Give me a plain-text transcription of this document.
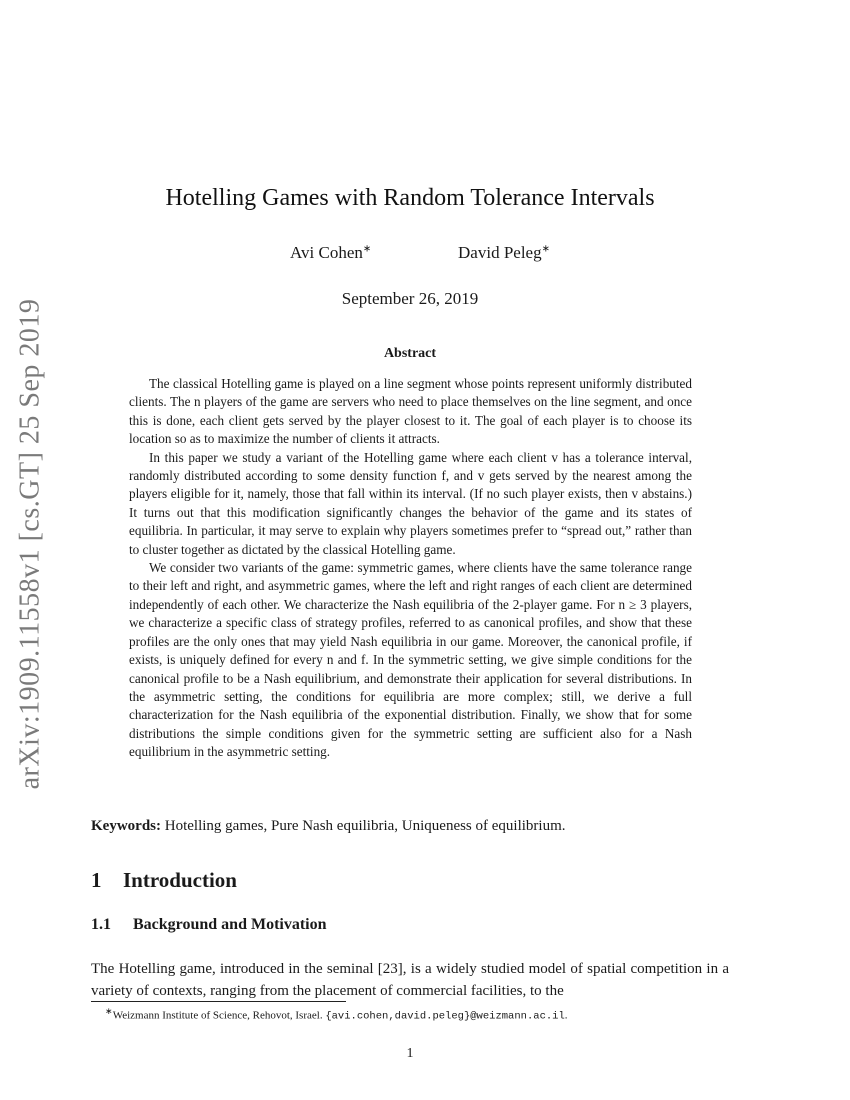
arXiv:1909.11558v1 [cs.GT] 25 Sep 2019
Hotelling Games with Random Tolerance Intervals
Avi Cohen∗	David Peleg∗
September 26, 2019
Abstract

The classical Hotelling game is played on a line segment whose points represent uniformly distributed clients. The n players of the game are servers who need to place themselves on the line segment, and once this is done, each client gets served by the player closest to it. The goal of each player is to choose its location so as to maximize the number of clients it attracts.

In this paper we study a variant of the Hotelling game where each client v has a tolerance interval, randomly distributed according to some density function f, and v gets served by the nearest among the players eligible for it, namely, those that fall within its interval. (If no such player exists, then v abstains.) It turns out that this modification significantly changes the behavior of the game and its states of equilibria. In particular, it may serve to explain why players sometimes prefer to “spread out,” rather than to cluster together as dictated by the classical Hotelling game.

We consider two variants of the game: symmetric games, where clients have the same tolerance range to their left and right, and asymmetric games, where the left and right ranges of each client are determined independently of each other. We characterize the Nash equilibria of the 2-player game. For n ≥ 3 players, we characterize a specific class of strategy profiles, referred to as canonical profiles, and show that these profiles are the only ones that may yield Nash equilibria in our game. Moreover, the canonical profile, if exists, is uniquely defined for every n and f. In the symmetric setting, we give simple conditions for the canonical profile to be a Nash equilibrium, and demonstrate their application for several distributions. In the asymmetric setting, the conditions for equilibria are more complex; still, we derive a full characterization for the Nash equilibria of the exponential distribution. Finally, we show that for some distributions the simple conditions given for the symmetric setting are sufficient also for a Nash equilibrium in the asymmetric setting.

Keywords: Hotelling games, Pure Nash equilibria, Uniqueness of equilibrium.
1 Introduction
1.1 Background and Motivation
The Hotelling game, introduced in the seminal [23], is a widely studied model of spatial competition in a variety of contexts, ranging from the placement of commercial facilities, to the
∗Weizmann Institute of Science, Rehovot, Israel. {avi.cohen,david.peleg}@weizmann.ac.il.
1
